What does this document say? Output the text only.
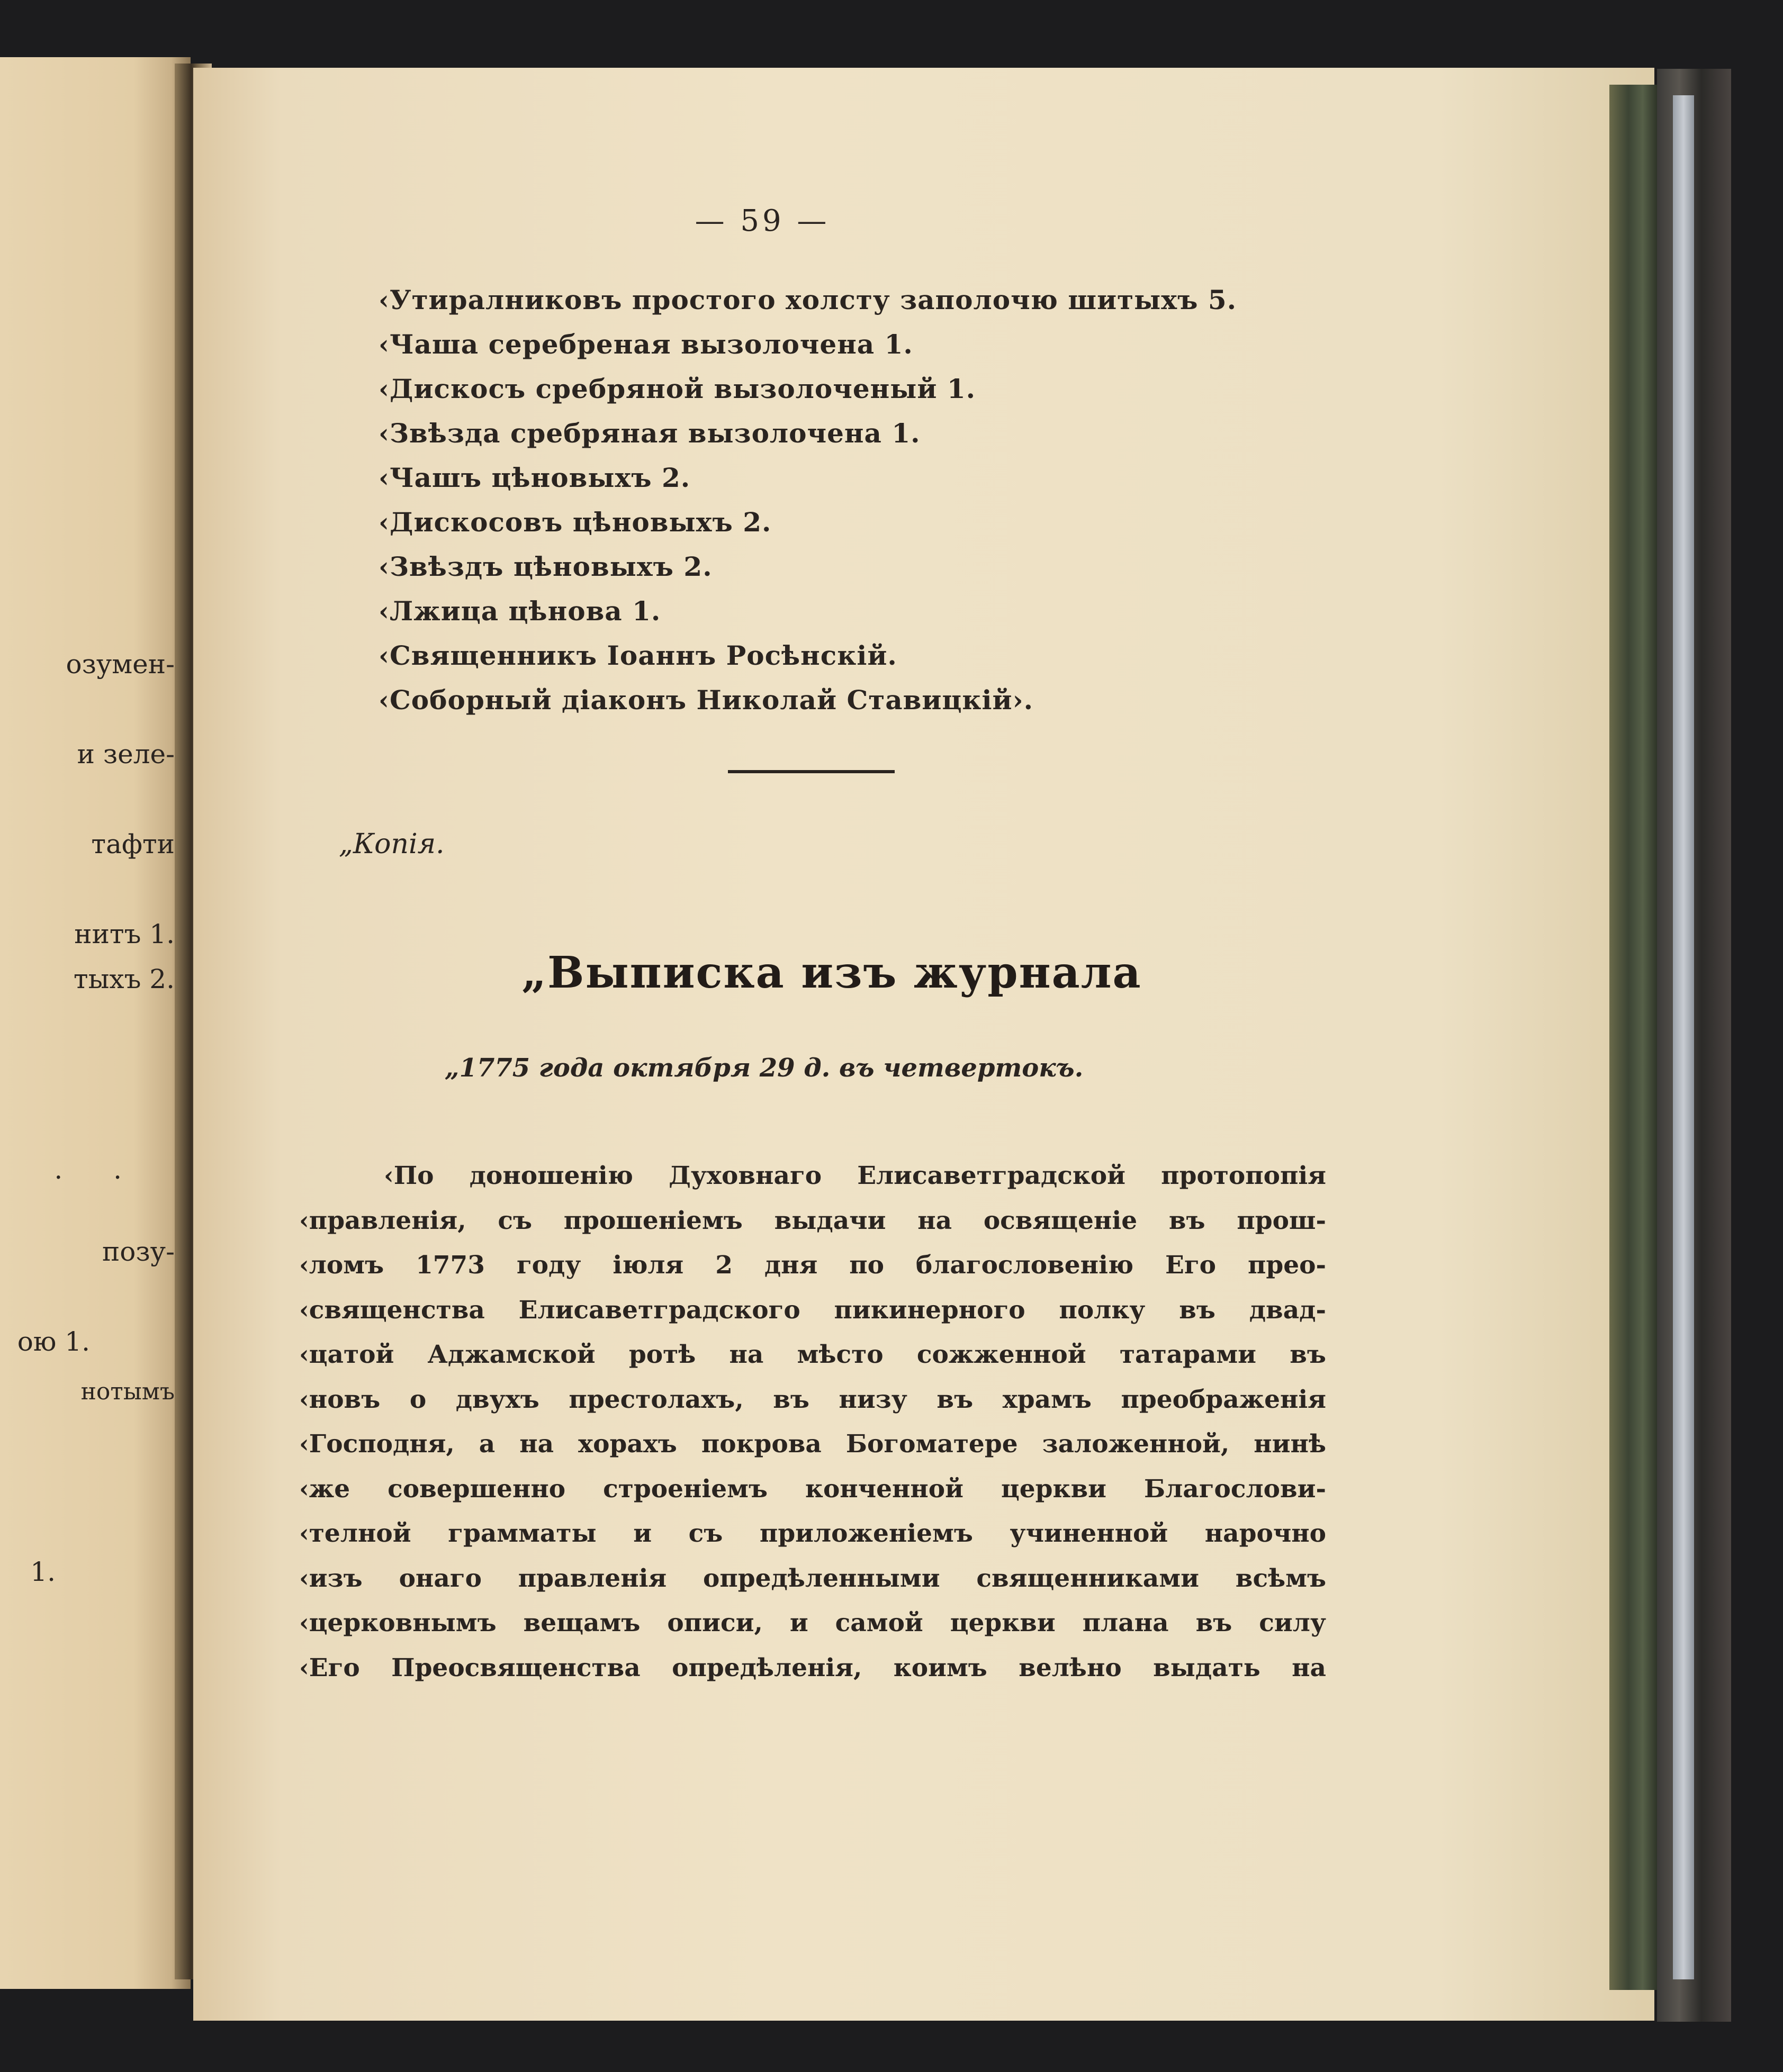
озумен-
и зеле-
тафти
нитъ 1.
тыхъ 2.
. .
позу-
ою 1.
нотымъ
1.
— 59 —
‹Утиралниковъ простого холсту заполочю шитыхъ 5.
‹Чаша серебреная вызолочена 1.
‹Дискосъ сребряной вызолоченый 1.
‹Звѣзда сребряная вызолочена 1.
‹Чашъ цѣновыхъ 2.
‹Дискосовъ цѣновыхъ 2.
‹Звѣздъ цѣновыхъ 2.
‹Лжица цѣнова 1.
‹Священникъ Іоаннъ Росѣнскій.
‹Соборный діаконъ Николай Ставицкій›.
„Копія.
„Выписка изъ журнала
„1775 года октября 29 д. въ четвертокъ.
‹По доношенію Духовнаго Елисаветградской протопопія
‹правленія, съ прошеніемъ выдачи на освященіе въ прош-
‹ломъ 1773 году іюля 2 дня по благословенію Его прео-
‹священства Елисаветградского пикинерного полку въ двад-
‹цатой Аджамской ротѣ на мѣсто сожженной татарами въ
‹новъ о двухъ престолахъ, въ низу въ храмъ преображенія
‹Господня, а на хорахъ покрова Богоматере заложенной, нинѣ
‹же совершенно строеніемъ конченной церкви Благослови-
‹телной грамматы и съ приложеніемъ учиненной нарочно
‹изъ онаго правленія опредѣленными священниками всѣмъ
‹церковнымъ вещамъ описи, и самой церкви плана въ силу
‹Его Преосвященства опредѣленія, коимъ велѣно выдать на
